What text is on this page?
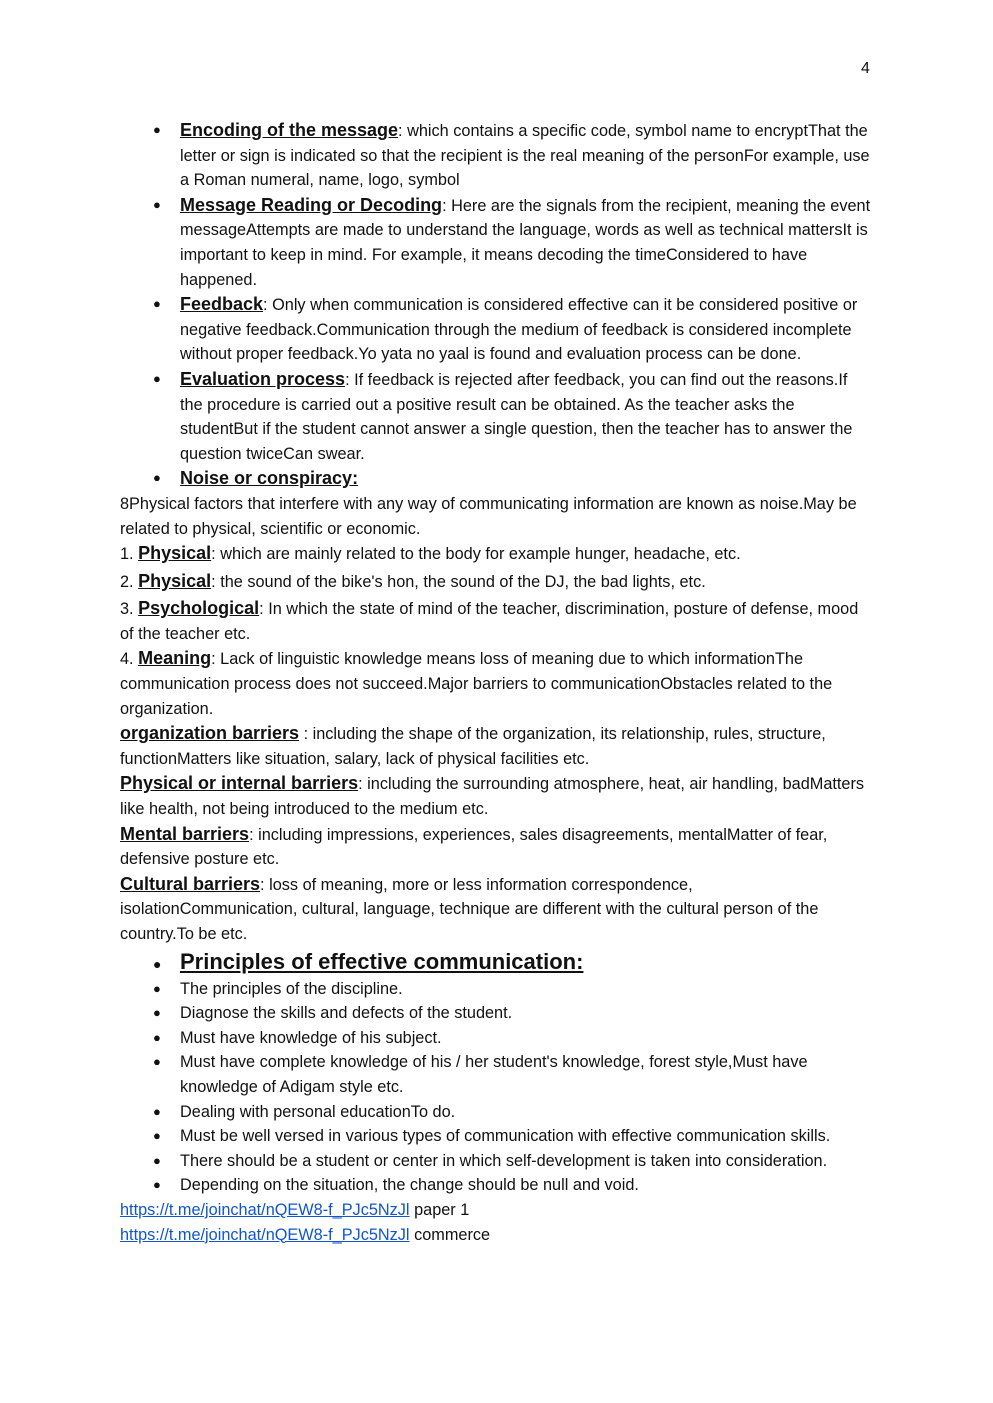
4
● Encoding of the message: which contains a specific code, symbol name to encryptThat the letter or sign is indicated so that the recipient is the real meaning of the personFor example, use a Roman numeral, name, logo, symbol
● Message Reading or Decoding: Here are the signals from the recipient, meaning the event messageAttempts are made to understand the language, words as well as technical mattersIt is important to keep in mind. For example, it means decoding the timeConsidered to have happened.
● Feedback: Only when communication is considered effective can it be considered positive or negative feedback.Communication through the medium of feedback is considered incomplete without proper feedback.Yo yata no yaal is found and evaluation process can be done.
● Evaluation process: If feedback is rejected after feedback, you can find out the reasons.If the procedure is carried out a positive result can be obtained. As the teacher asks the studentBut if the student cannot answer a single question, then the teacher has to answer the question twiceCan swear.
● Noise or conspiracy:

8Physical factors that interfere with any way of communicating information are known as noise.May be related to physical, scientific or economic.

1. Physical: which are mainly related to the body for example hunger, headache, etc.

2. Physical: the sound of the bike's hon, the sound of the DJ, the bad lights, etc.

3. Psychological: In which the state of mind of the teacher, discrimination, posture of defense, mood of the teacher etc.

4. Meaning: Lack of linguistic knowledge means loss of meaning due to which informationThe communication process does not succeed.Major barriers to communicationObstacles related to the organization.

organization barriers : including the shape of the organization, its relationship, rules, structure, functionMatters like situation, salary, lack of physical facilities etc.

Physical or internal barriers: including the surrounding atmosphere, heat, air handling, badMatters like health, not being introduced to the medium etc.

Mental barriers: including impressions, experiences, sales disagreements, mentalMatter of fear, defensive posture etc.

Cultural barriers: loss of meaning, more or less information correspondence, isolationCommunication, cultural, language, technique are different with the cultural person of the country.To be etc.

● Principles of effective communication:
● The principles of the discipline.
● Diagnose the skills and defects of the student.
● Must have knowledge of his subject.
● Must have complete knowledge of his / her student's knowledge, forest style,Must have knowledge of Adigam style etc.
● Dealing with personal educationTo do.
● Must be well versed in various types of communication with effective communication skills.
● There should be a student or center in which self-development is taken into consideration.
● Depending on the situation, the change should be null and void.

https://t.me/joinchat/nQEW8-f_PJc5NzJl paper 1

https://t.me/joinchat/nQEW8-f_PJc5NzJl commerce
